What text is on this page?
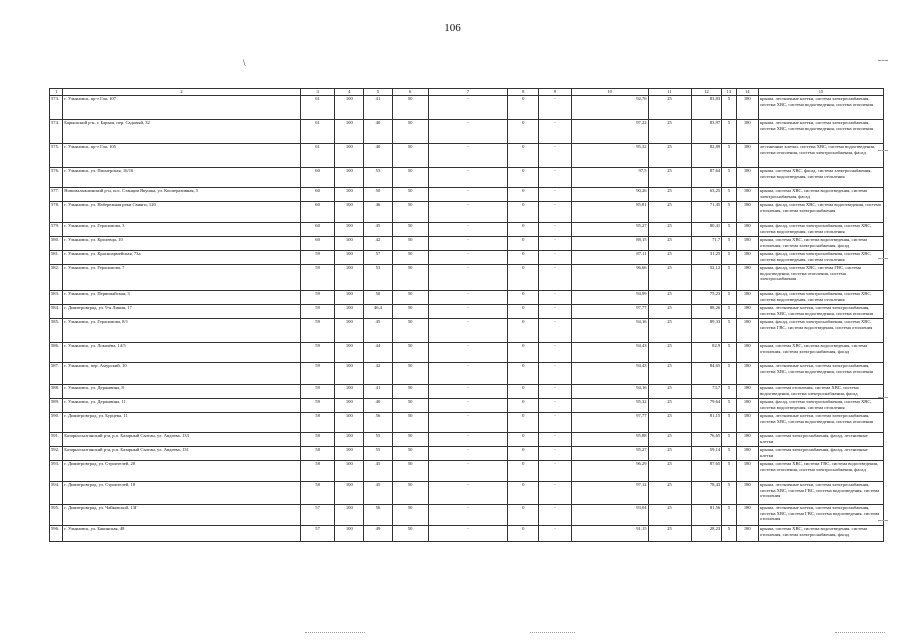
106
\
1	2	3	4	5	6	7	8	9	10	11	12	13	14	15
573.	г. Ульяновск, пр-т Гая, 107	61	100	41	50	-	0	-	92,76	25	83,83	5	180	крыша, лестничные клетки, система электроснабжения, система ХВС, система водоотведения, система отопления
574.	Барышский р-н, г. Барыш, пер. Садовый, 32	61	100	40	50	-	0	-	97,22	25	83,97	5	180	крыша, лестничные клетки, система электроснабжения, система ХВС, система водоотведения, система отопления
575.	г. Ульяновск, пр-т Гая, 105	61	100	40	50	-	0	-	95,32	25	82,89	5	180	лестничные клетки, система ХВС, система водоотведения, система отопления, система электроснабжения, фасад
576.	г. Ульяновск, ул. Пионерская, 16/16	60	100	55	50	-	0	-	97,5	25	87,64	5	180	крыша, система ХВС, фасад, система электроснабжения, система водоотведения, система отопления
577.	Новомалыклинский р-н, пос. Станция Якушка, ул. Кооперативная, 5	60	100	50	50	-	0	-	90,26	25	63,25	5	180	крыша, система ХВС, система водоотведения, система электроснабжения, фасад
578.	г. Ульяновск, ул. Набережная реки Свияги, 120	60	100	46	50	-	0	-	85,81	25	71,45	5	180	крыша, фасад, система ХВС, система водоотведения, система отопления, система электроснабжения
579.	г. Ульяновск, ул. Герасимова, 3	60	100	45	50	-	0	-	95,27	25	80,41	5	180	крыша, фасад, система электроснабжения, система ХВС, система водоотведения, система отопления
580.	г. Ульяновск, ул. Кролевца, 10	60	100	42	50	-	0	-	88,15	25	71,7	5	180	крыша, система ХВС, система водоотведения, система отопления, система электроснабжения, фасад
581.	г. Ульяновск, ул. Красноармейская, 73а	59	100	57	50	-	0	-	87,11	25	31,25	5	180	крыша, фасад, система электроснабжения, система ХВС, система водоотведения, система отопления
582.	г. Ульяновск, ул. Герасимова, 7	59	100	53	50	-	0	-	96,66	25	52,12	5	180	крыша, фасад, система ХВС, система ГВС, система водоотведения, система отопления, система электроснабжения
583.	г. Ульяновск, ул. Первомайская, 3	59	100	50	50	-	0	-	94,99	25	75,23	5	180	крыша, фасад, система электроснабжения, система ХВС, система водоотведения, система отопления
584.	г. Димитровград, ул. 9-я Линия, 17	59	100	46,4	50	-	0	-	97,77	25	88,26	5	180	крыша, лестничные клетки, система электроснабжения, система ХВС, система водоотведения, система отопления
585.	г. Ульяновск, ул. Герасимова, 8/1	59	100	45	50	-	0	-	94,16	25	89,33	5	180	крыша, фасад, система электроснабжения, система ХВС, система ГВС, система водоотведения, система отопления
586.	г. Ульяновск, ул. Локачёва, 14/5	59	100	44	50	-	0	-	94,43	25	82,9	5	180	крыша, система ХВС, система водоотведения, система отопления, система электроснабжения, фасад
587.	г. Ульяновск, пер. Амурский, 10	59	100	42	50	-	0	-	94,43	25	84,65	5	180	крыша, лестничные клетки, система электроснабжения, система ХВС, система водоотведения, система отопления
588.	г. Ульяновск, ул. Державина, 8	59	100	41	50	-	0	-	94,16	25	73,7	5	180	крыша, система отопления, система ХВС, система водоотведения, система электроснабжения, фасад
589.	г. Ульяновск, ул. Державина, 11	59	100	40	50	-	0	-	95,32	25	79,64	5	180	крыша, фасад, система электроснабжения, система ХВС, система водоотведения, система отопления
590.	г. Димитровград, ул. Бурцева, 11	58	100	56	50	-	0	-	97,77	25	81,15	5	180	крыша, лестничные клетки, система электроснабжения, система ХВС, система водоотведения, система отопления
591.	Базарносызганский р-н, р.п. Базарный Сызган, ул. Авдеева, 133	58	100	55	50	-	0	-	95,88	25	76,65	5	180	крыша, система электроснабжения, фасад, лестничные клетки
592.	Базарносызганский р-н, р.п. Базарный Сызган, ул. Авдеева, 131	58	100	55	50	-	0	-	95,27	25	59,14	5	180	крыша, система электроснабжения, фасад, лестничные клетки
593.	г. Димитровград, ул. Строителей, 20	58	100	45	50	-	0	-	96,29	25	87,65	5	180	крыша, система ХВС, система ГВС, система водоотведения, система отопления, система электроснабжения, фасад
594.	г. Димитровград, ул. Строителей, 18	58	100	45	50	-	0	-	97,12	25	78,43	5	180	крыша, лестничные клетки, система электроснабжения, система ХВС, система ГВС, система водоотведения, система отопления
595.	г. Димитровград, ул. Чайковской, 13Г	57	100	56	50	-	0	-	93,04	25	81,56	5	180	крыша, лестничные клетки, система электроснабжения, система ХВС, система ГВС, система водоотведения, система отопления
596.	г. Ульяновск, ул. Бакинская, 48	57	100	49	50	-	0	-	91,15	25	28,23	5	180	крыша, система ХВС, система водоотведения, система отопления, система электроснабжения, фасад
